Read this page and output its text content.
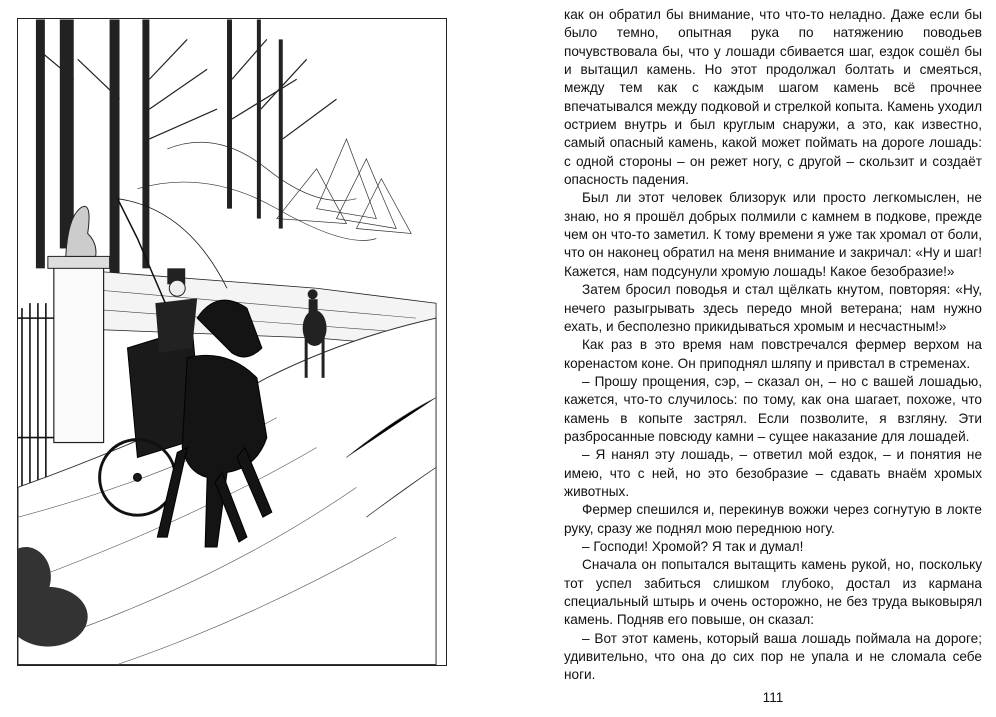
как он обратил бы внимание, что что-то неладно. Даже если бы было темно, опытная рука по натяжению поводьев почувствовала бы, что у лошади сбивается шаг, ездок сошёл бы и вытащил камень. Но этот продолжал болтать и смеяться, между тем как с каждым шагом камень всё прочнее впечатывался между подковой и стрелкой копыта. Камень уходил острием внутрь и был круглым снаружи, а это, как известно, самый опасный камень, какой может поймать на дороге лошадь: с одной стороны – он режет ногу, с другой – скользит и создаёт опасность падения.

Был ли этот человек близорук или просто легкомыслен, не знаю, но я прошёл добрых полмили с камнем в подкове, прежде чем он что-то заметил. К тому времени я уже так хромал от боли, что он наконец обратил на меня внимание и закричал: «Ну и шаг! Кажется, нам подсунули хромую лошадь! Какое безобразие!»

Затем бросил поводья и стал щёлкать кнутом, повторяя: «Ну, нечего разыгрывать здесь передо мной ветерана; нам нужно ехать, и бесполезно прикидываться хромым и несчастным!»

Как раз в это время нам повстречался фермер верхом на коренастом коне. Он приподнял шляпу и привстал в стременах.

– Прошу прощения, сэр, – сказал он, – но с вашей лошадью, кажется, что-то случилось: по тому, как она шагает, похоже, что камень в копыте застрял. Если позволите, я взгляну. Эти разбросанные повсюду камни – сущее наказание для лошадей.

– Я нанял эту лошадь, – ответил мой ездок, – и понятия не имею, что с ней, но это безобразие – сдавать внаём хромых животных.

Фермер спешился и, перекинув вожжи через согнутую в локте руку, сразу же поднял мою переднюю ногу.

– Господи! Хромой? Я так и думал!

Сначала он попытался вытащить камень рукой, но, поскольку тот успел забиться слишком глубоко, достал из кармана специальный штырь и очень осторожно, не без труда выковырял камень. Подняв его повыше, он сказал:

– Вот этот камень, который ваша лошадь поймала на дороге; удивительно, что она до сих пор не упала и не сломала себе ноги.

111
